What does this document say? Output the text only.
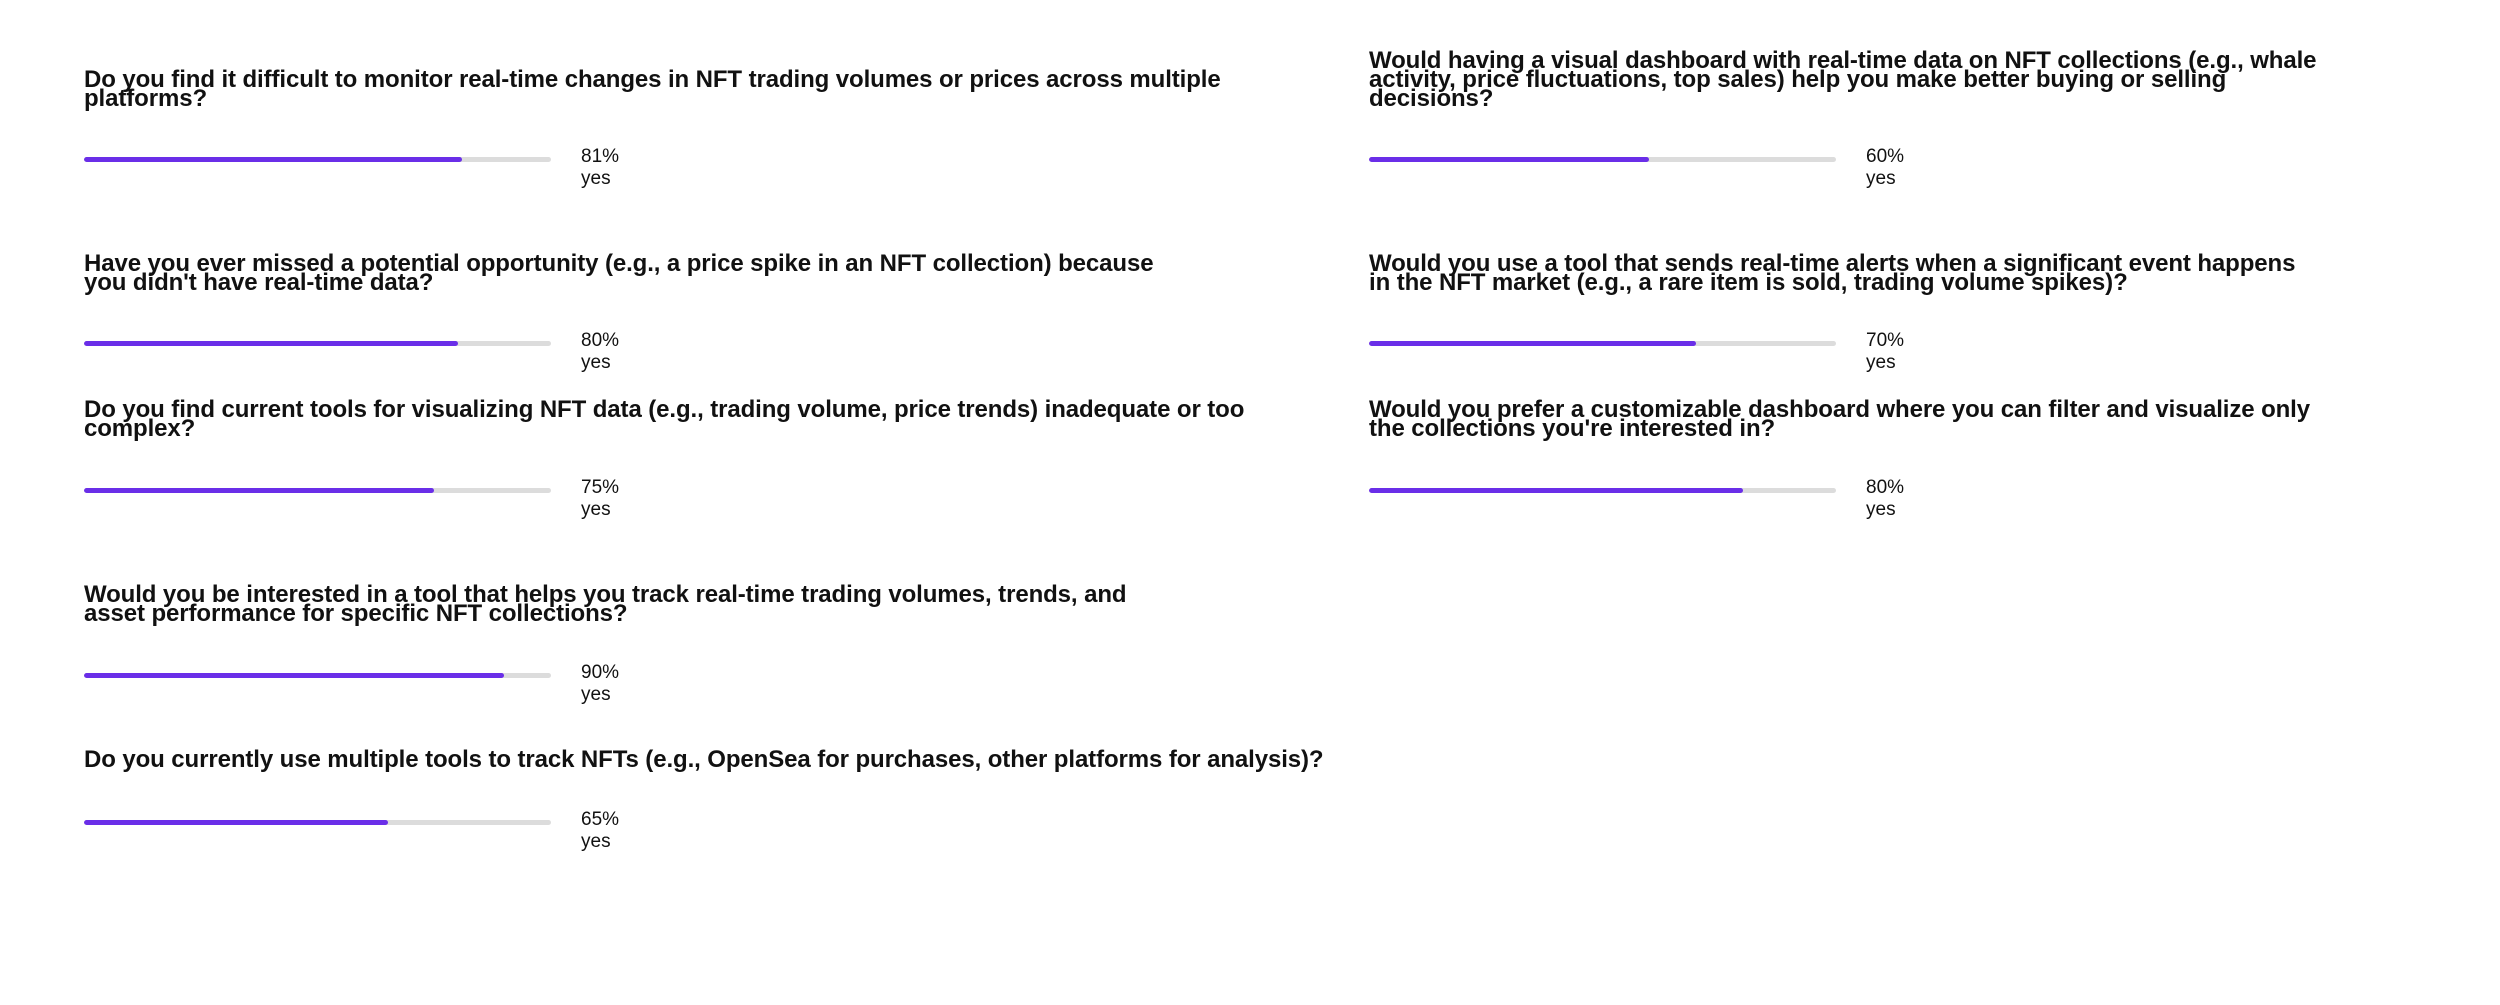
Do you find it difficult to monitor real-time changes in NFT trading volumes or prices across multiple platforms?
81% yes
Have you ever missed a potential opportunity (e.g., a price spike in an NFT collection) because you didn't have real-time data?
80% yes
Do you find current tools for visualizing NFT data (e.g., trading volume, price trends) inadequate or too complex?
75% yes
Would you be interested in a tool that helps you track real-time trading volumes, trends, and asset performance for specific NFT collections?
90% yes
Do you currently use multiple tools to track NFTs (e.g., OpenSea for purchases, other platforms for analysis)?
65% yes
Would having a visual dashboard with real-time data on NFT collections (e.g., whale activity, price fluctuations, top sales) help you make better buying or selling decisions?
60% yes
Would you use a tool that sends real-time alerts when a significant event happens in the NFT market (e.g., a rare item is sold, trading volume spikes)?
70% yes
Would you prefer a customizable dashboard where you can filter and visualize only the collections you're interested in?
80% yes
